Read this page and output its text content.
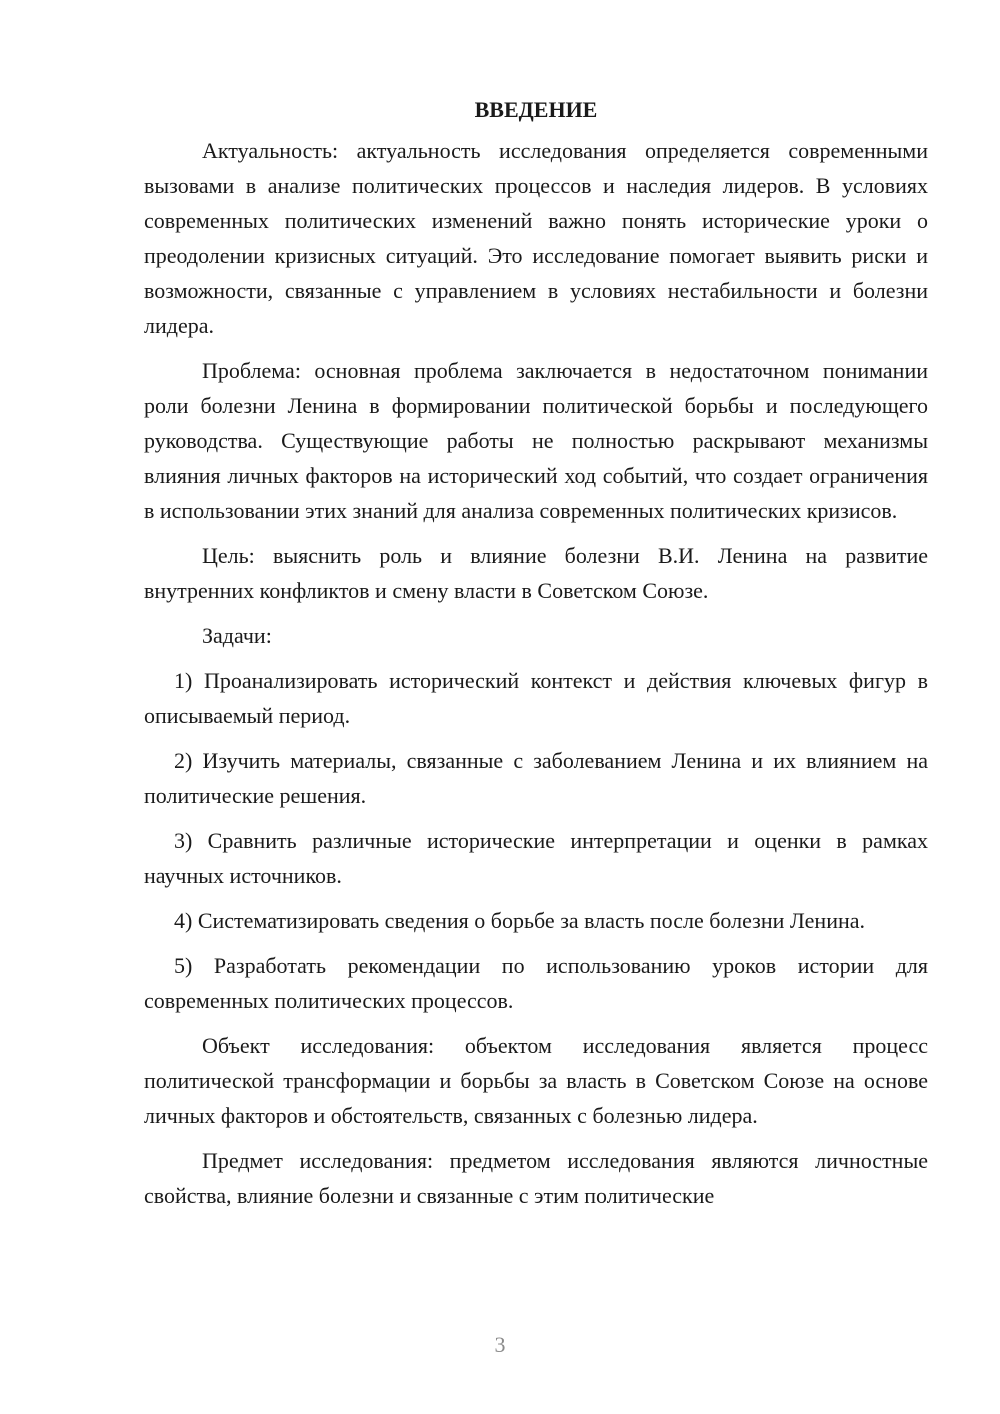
ВВЕДЕНИЕ

Актуальность: актуальность исследования определяется современными вызовами в анализе политических процессов и наследия лидеров. В условиях современных политических изменений важно понять исторические уроки о преодолении кризисных ситуаций. Это исследование помогает выявить риски и возможности, связанные с управлением в условиях нестабильности и болезни лидера.

Проблема: основная проблема заключается в недостаточном понимании роли болезни Ленина в формировании политической борьбы и последующего руководства. Существующие работы не полностью раскрывают механизмы влияния личных факторов на исторический ход событий, что создает ограничения в использовании этих знаний для анализа современных политических кризисов.

Цель: выяснить роль и влияние болезни В.И. Ленина на развитие внутренних конфликтов и смену власти в Советском Союзе.

Задачи:

1) Проанализировать исторический контекст и действия ключевых фигур в описываемый период.

2) Изучить материалы, связанные с заболеванием Ленина и их влиянием на политические решения.

3) Сравнить различные исторические интерпретации и оценки в рамках научных источников.

4) Систематизировать сведения о борьбе за власть после болезни Ленина.

5) Разработать рекомендации по использованию уроков истории для современных политических процессов.

Объект исследования: объектом исследования является процесс политической трансформации и борьбы за власть в Советском Союзе на основе личных факторов и обстоятельств, связанных с болезнью лидера.

Предмет исследования: предметом исследования являются личностные свойства, влияние болезни и связанные с этим политические

3
